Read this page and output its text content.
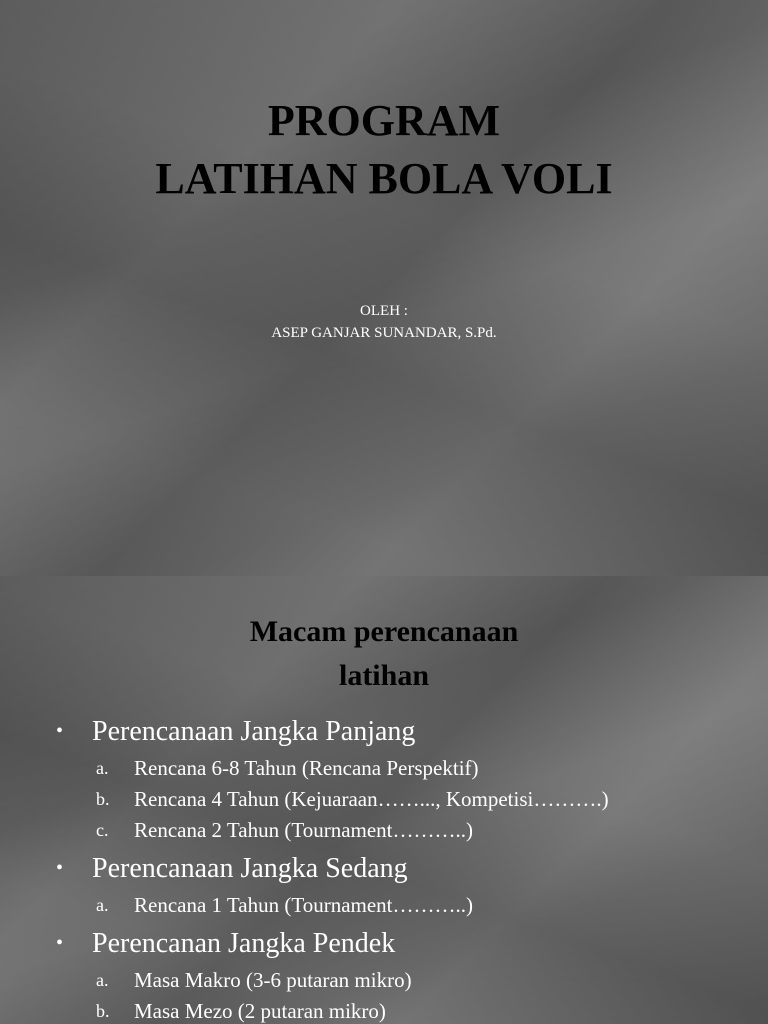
PROGRAM
LATIHAN BOLA VOLI
OLEH :
ASEP GANJAR SUNANDAR, S.Pd.
Macam perencanaan
latihan
• Perencanaan Jangka Panjang
a. Rencana 6-8 Tahun (Rencana Perspektif)
b. Rencana 4 Tahun (Kejuaraan……..., Kompetisi……….)
c. Rencana 2 Tahun (Tournament………..)
• Perencanaan Jangka Sedang
a. Rencana 1 Tahun (Tournament………..)
• Perencanan Jangka Pendek
a. Masa Makro (3-6 putaran mikro)
b. Masa Mezo (2 putaran mikro)
